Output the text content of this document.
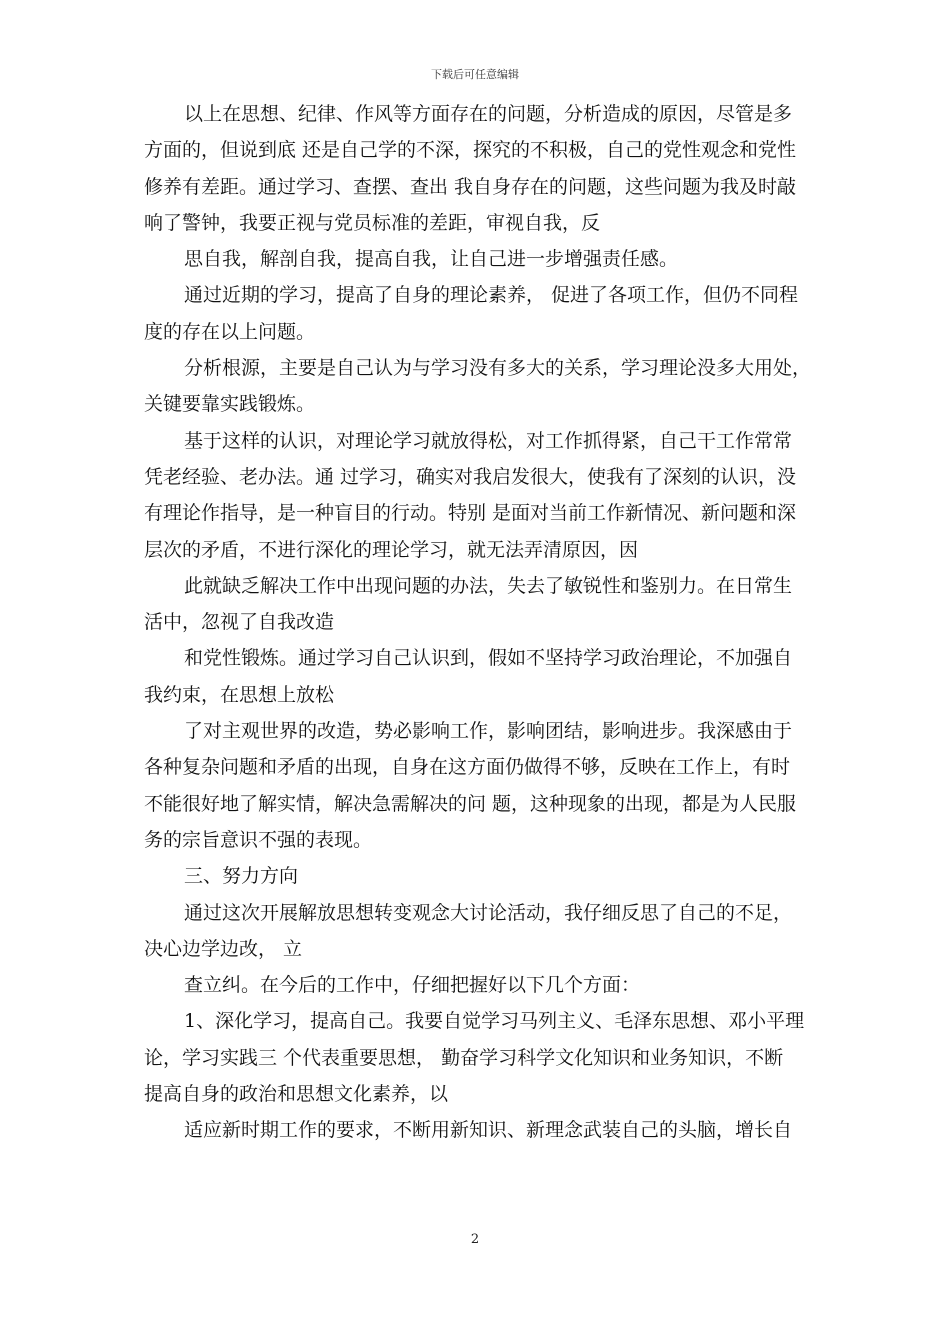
下载后可任意编辑
以上在思想、纪律、作风等方面存在的问题，分析造成的原因，尽管是多
方面的，但说到底 还是自己学的不深，探究的不积极，自己的党性观念和党性
修养有差距。通过学习、查摆、查出 我自身存在的问题，这些问题为我及时敲
响了警钟，我要正视与党员标准的差距，审视自我，反
思自我，解剖自我，提高自我，让自己进一步增强责任感。
通过近期的学习，提高了自身的理论素养， 促进了各项工作，但仍不同程
度的存在以上问题。
分析根源，主要是自己认为与学习没有多大的关系，学习理论没多大用处，
关键要靠实践锻炼。
基于这样的认识，对理论学习就放得松，对工作抓得紧，自己干工作常常
凭老经验、老办法。通 过学习，确实对我启发很大，使我有了深刻的认识，没
有理论作指导，是一种盲目的行动。特别 是面对当前工作新情况、新问题和深
层次的矛盾，不进行深化的理论学习，就无法弄清原因，因
此就缺乏解决工作中出现问题的办法，失去了敏锐性和鉴别力。在日常生
活中，忽视了自我改造
和党性锻炼。通过学习自己认识到，假如不坚持学习政治理论，不加强自
我约束，在思想上放松
了对主观世界的改造，势必影响工作，影响团结，影响进步。我深感由于
各种复杂问题和矛盾的出现，自身在这方面仍做得不够，反映在工作上，有时
不能很好地了解实情，解决急需解决的问 题，这种现象的出现，都是为人民服
务的宗旨意识不强的表现。
三、努力方向
通过这次开展解放思想转变观念大讨论活动，我仔细反思了自己的不足，
决心边学边改， 立
查立纠。在今后的工作中，仔细把握好以下几个方面：
1、深化学习，提高自己。我要自觉学习马列主义、毛泽东思想、邓小平理
论，学习实践三 个代表重要思想， 勤奋学习科学文化知识和业务知识，不断
提高自身的政治和思想文化素养，以
适应新时期工作的要求，不断用新知识、新理念武装自己的头脑，增长自
2
